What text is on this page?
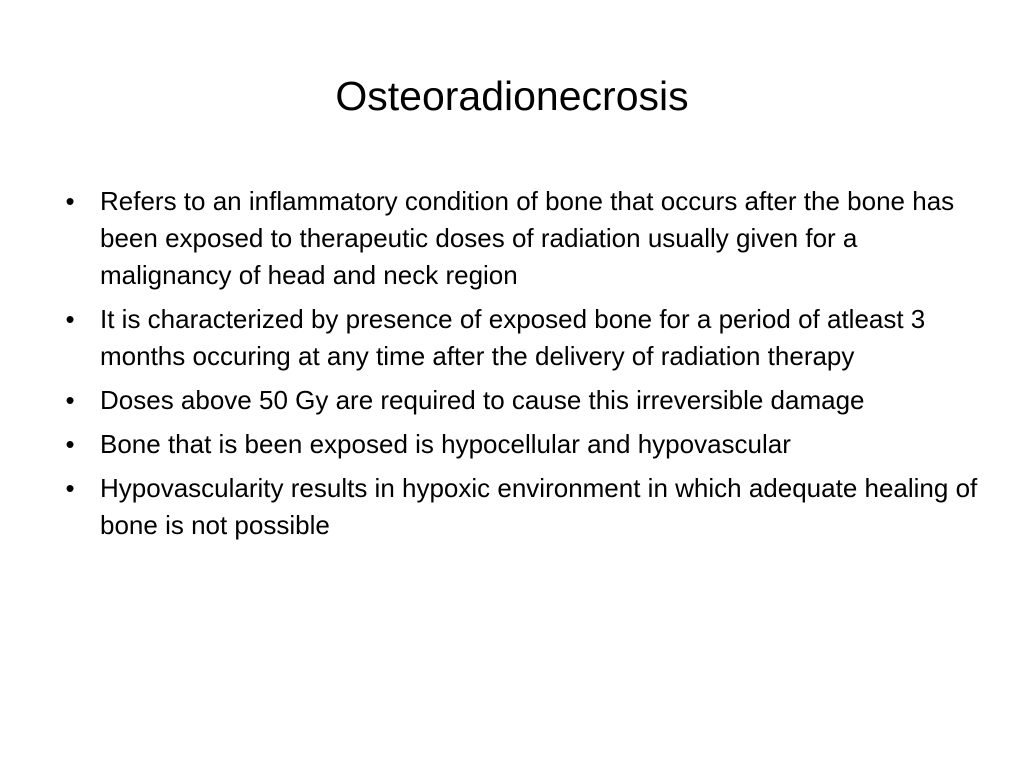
Osteoradionecrosis
• Refers to an inflammatory condition of bone that occurs after the bone has been exposed to therapeutic doses of radiation usually given for a malignancy of head and neck region
• It is characterized by presence of exposed bone for a period of atleast 3 months occuring at any time after the delivery of radiation therapy
• Doses above 50 Gy are required to cause this irreversible damage
• Bone that is been exposed is hypocellular and hypovascular
• Hypovascularity results in hypoxic environment in which adequate healing of bone is not possible
